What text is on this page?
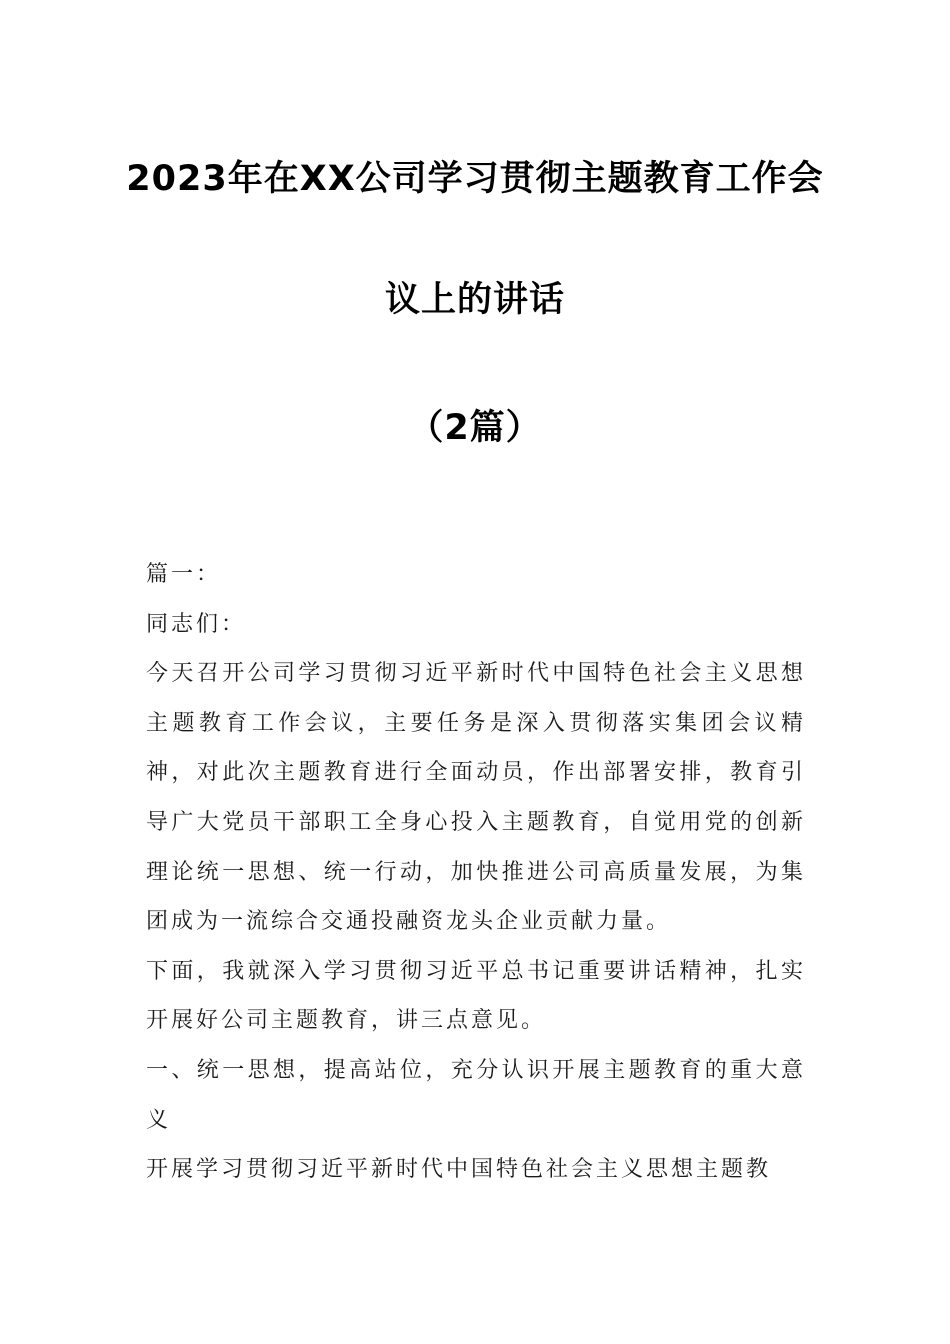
2023年在XX公司学习贯彻主题教育工作会
议上的讲话
（2篇）

篇一：

同志们：

今天召开公司学习贯彻习近平新时代中国特色社会主义思想主题教育工作会议，主要任务是深入贯彻落实集团会议精神，对此次主题教育进行全面动员，作出部署安排，教育引导广大党员干部职工全身心投入主题教育，自觉用党的创新理论统一思想、统一行动，加快推进公司高质量发展，为集团成为一流综合交通投融资龙头企业贡献力量。

下面，我就深入学习贯彻习近平总书记重要讲话精神，扎实开展好公司主题教育，讲三点意见。

一、统一思想，提高站位，充分认识开展主题教育的重大意义

开展学习贯彻习近平新时代中国特色社会主义思想主题教
